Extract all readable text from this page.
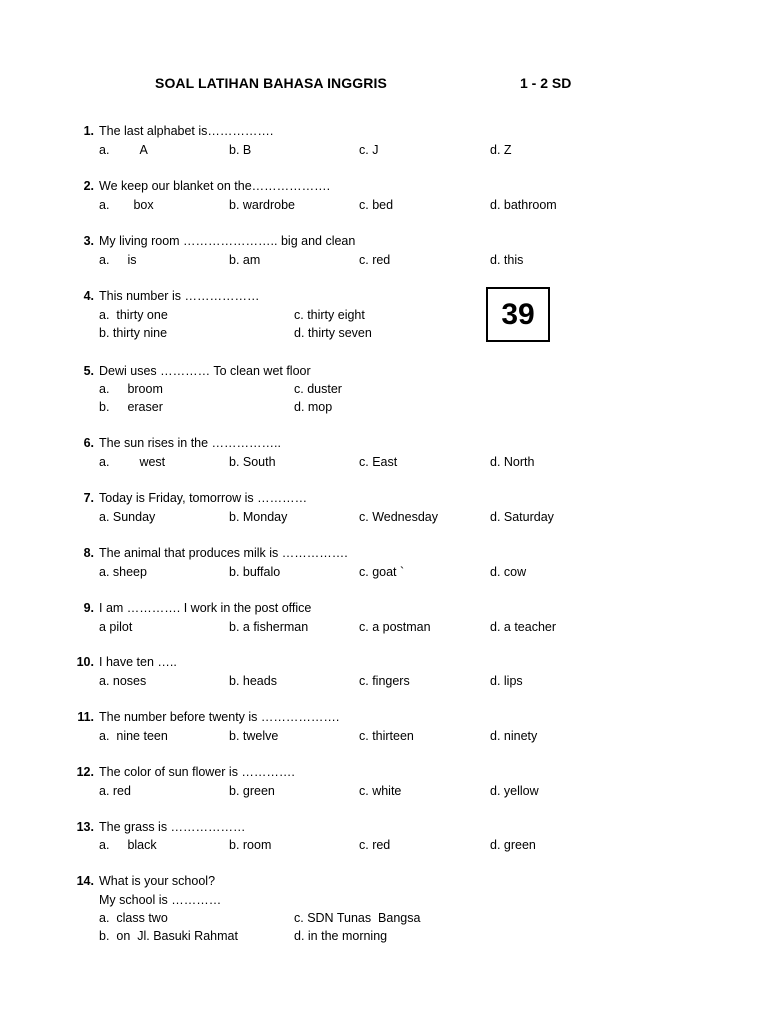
SOAL LATIHAN BAHASA INGGRIS	1 - 2 SD
1. The last alphabet is…………….
a. A	b. B	c. J	d. Z
2. We keep our blanket on the……………….
a. box	b. wardrobe	c. bed	d. bathroom
3. My living room ………………….. big and clean
a. is	b. am	c. red	d. this
4. This number is ………………
a.  thirty one	c. thirty eight
b. thirty nine	d. thirty seven
39
5. Dewi uses ………… To clean wet floor
a. broom	c. duster
b. eraser	d. mop
6. The sun rises in the ……………..
a. west	b. South	c. East	d. North
7. Today is Friday, tomorrow is …………
a. Sunday	b. Monday	c. Wednesday	d. Saturday
8. The animal that produces milk is …………….
a. sheep	b. buffalo	c. goat `	d. cow
9. I am …………. I work in the post office
a pilot	b. a fisherman	c. a postman	d. a teacher
10. I have ten …..
a. noses	b. heads	c. fingers	d. lips
11. The number before twenty is ……………….
a.  nine teen	b. twelve	c. thirteen	d. ninety
12. The color of sun flower is ………….
a. red	b. green	c. white	d. yellow
13. The grass is ………………
a. black	b. room	c. red	d. green
14. What is your school?
My school is …………
a.  class two	c. SDN Tunas  Bangsa
b.  on  Jl. Basuki Rahmat	d. in the morning
